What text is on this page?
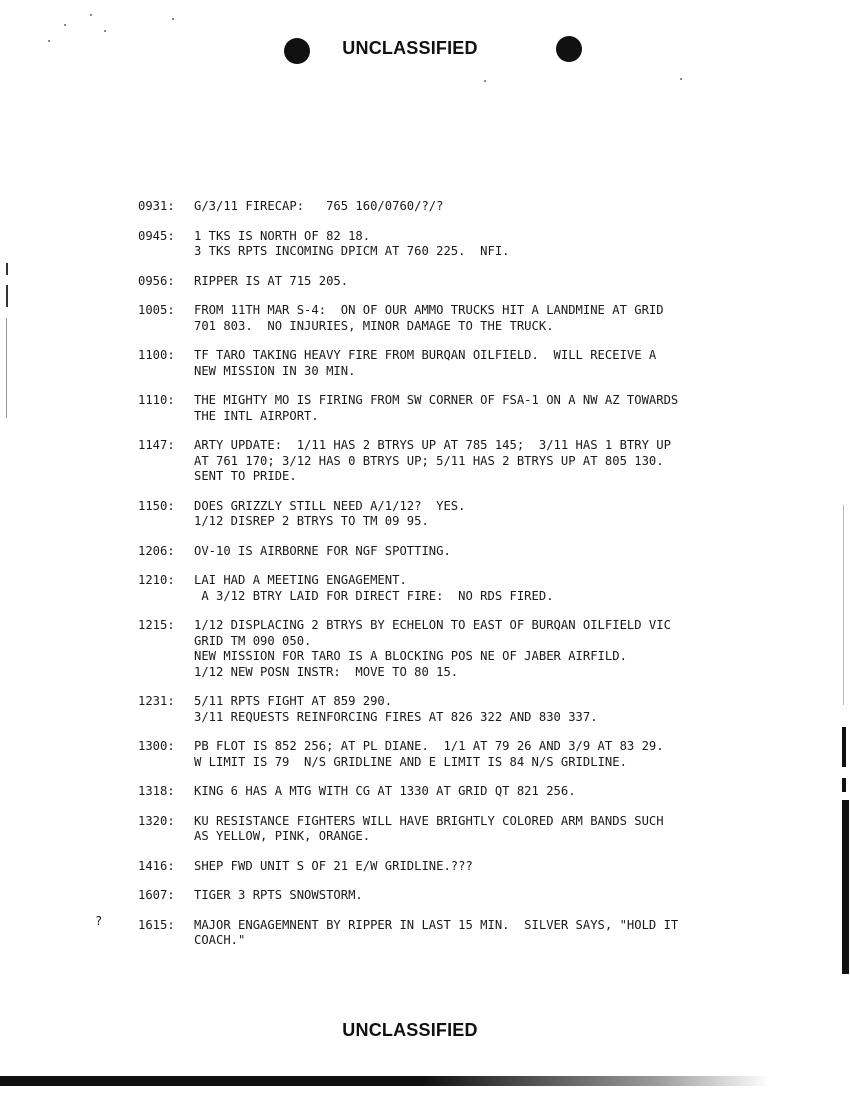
UNCLASSIFIED
0931:	G/3/11 FIRECAP:   765 160/0760/?/?
0945:	1 TKS IS NORTH OF 82 18.
3 TKS RPTS INCOMING DPICM AT 760 225.  NFI.
0956:	RIPPER IS AT 715 205.
1005:	FROM 11TH MAR S-4:  ON OF OUR AMMO TRUCKS HIT A LANDMINE AT GRID
701 803.  NO INJURIES, MINOR DAMAGE TO THE TRUCK.
1100:	TF TARO TAKING HEAVY FIRE FROM BURQAN OILFIELD.  WILL RECEIVE A
NEW MISSION IN 30 MIN.
1110:	THE MIGHTY MO IS FIRING FROM SW CORNER OF FSA-1 ON A NW AZ TOWARDS
THE INTL AIRPORT.
1147:	ARTY UPDATE:  1/11 HAS 2 BTRYS UP AT 785 145;  3/11 HAS 1 BTRY UP
AT 761 170; 3/12 HAS 0 BTRYS UP; 5/11 HAS 2 BTRYS UP AT 805 130.
SENT TO PRIDE.
1150:	DOES GRIZZLY STILL NEED A/1/12?  YES.
1/12 DISREP 2 BTRYS TO TM 09 95.
1206:	OV-10 IS AIRBORNE FOR NGF SPOTTING.
1210:	LAI HAD A MEETING ENGAGEMENT.
A 3/12 BTRY LAID FOR DIRECT FIRE:  NO RDS FIRED.
1215:	1/12 DISPLACING 2 BTRYS BY ECHELON TO EAST OF BURQAN OILFIELD VIC
GRID TM 090 050.
NEW MISSION FOR TARO IS A BLOCKING POS NE OF JABER AIRFILD.
1/12 NEW POSN INSTR:  MOVE TO 80 15.
1231:	5/11 RPTS FIGHT AT 859 290.
3/11 REQUESTS REINFORCING FIRES AT 826 322 AND 830 337.
1300:	PB FLOT IS 852 256; AT PL DIANE.  1/1 AT 79 26 AND 3/9 AT 83 29.
W LIMIT IS 79  N/S GRIDLINE AND E LIMIT IS 84 N/S GRIDLINE.
1318:	KING 6 HAS A MTG WITH CG AT 1330 AT GRID QT 821 256.
1320:	KU RESISTANCE FIGHTERS WILL HAVE BRIGHTLY COLORED ARM BANDS SUCH
AS YELLOW, PINK, ORANGE.
1416:	SHEP FWD UNIT S OF 21 E/W GRIDLINE.???
1607:	TIGER 3 RPTS SNOWSTORM.
1615:	MAJOR ENGAGEMNENT BY RIPPER IN LAST 15 MIN.  SILVER SAYS, "HOLD IT
COACH."
?
UNCLASSIFIED
